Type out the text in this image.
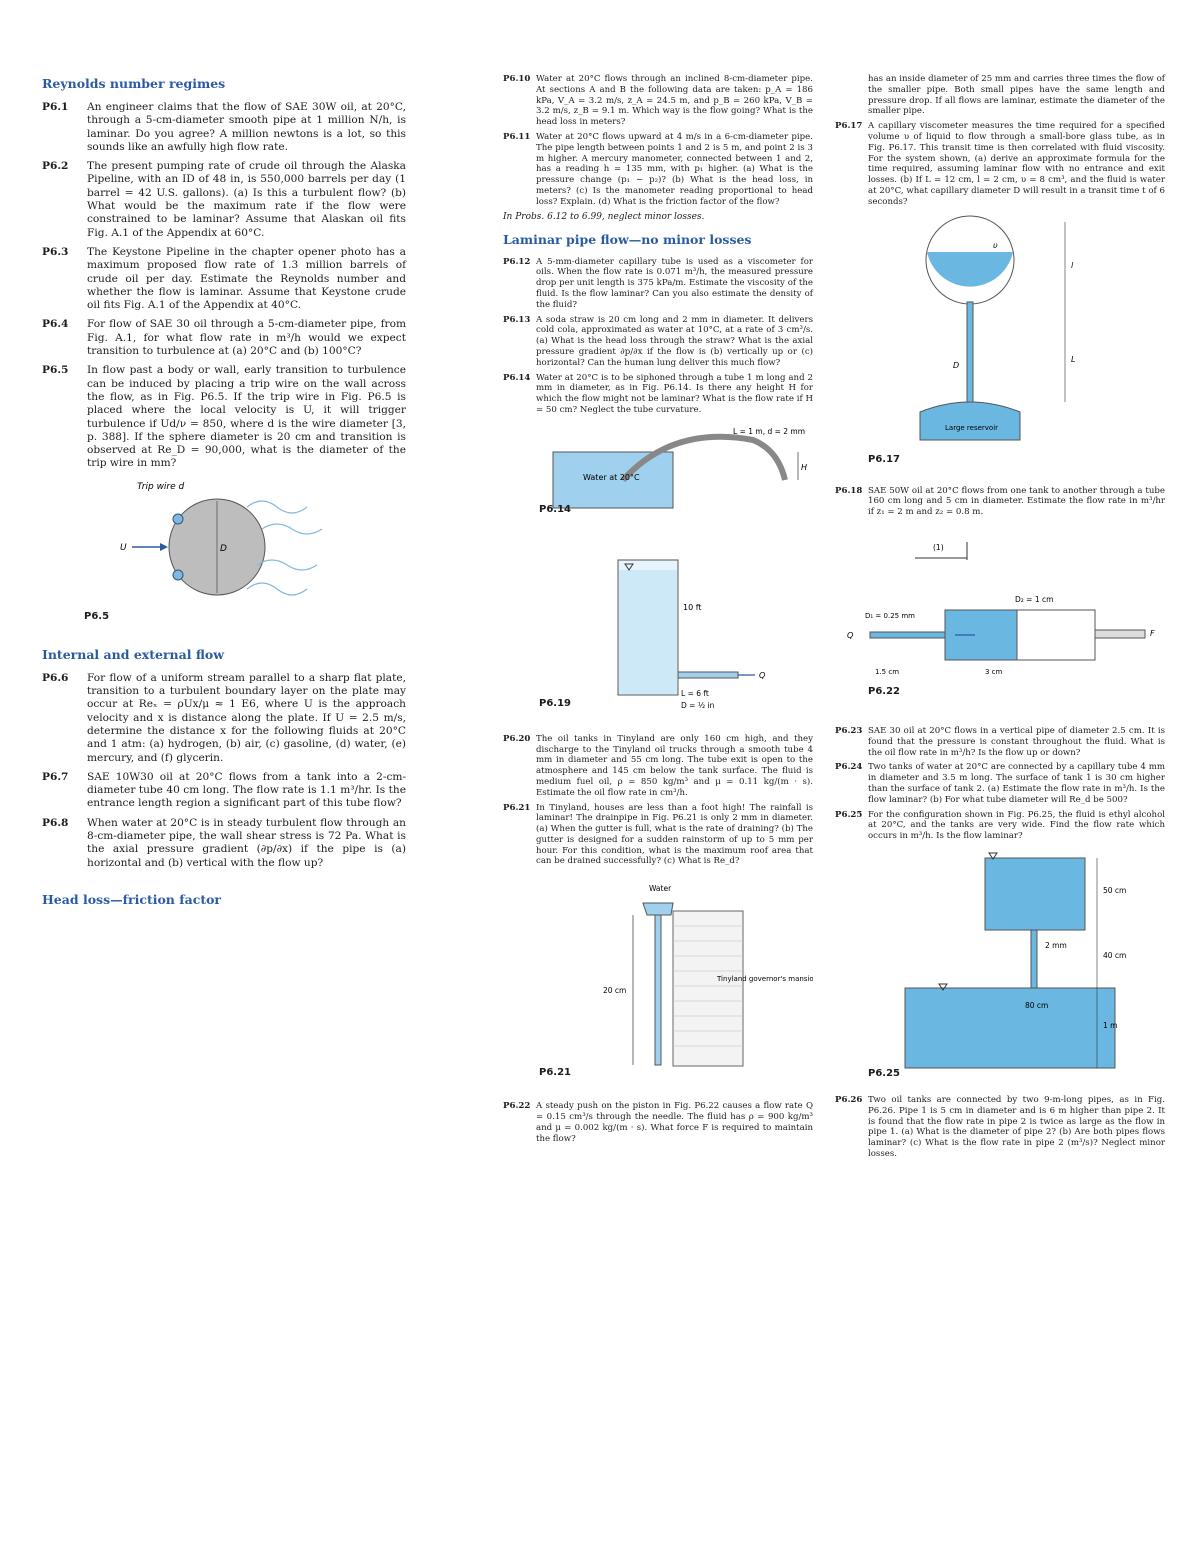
Reynolds number regimes
P6.1	An engineer claims that the flow of SAE 30W oil, at 20°C, through a 5-cm-diameter smooth pipe at 1 million N/h, is laminar. Do you agree? A million newtons is a lot, so this sounds like an awfully high flow rate.
P6.2	The present pumping rate of crude oil through the Alaska Pipeline, with an ID of 48 in, is 550,000 barrels per day (1 barrel = 42 U.S. gallons). (a) Is this a turbulent flow? (b) What would be the maximum rate if the flow were constrained to be laminar? Assume that Alaskan oil fits Fig. A.1 of the Appendix at 60°C.
P6.3	The Keystone Pipeline in the chapter opener photo has a maximum proposed flow rate of 1.3 million barrels of crude oil per day. Estimate the Reynolds number and whether the flow is laminar. Assume that Keystone crude oil fits Fig. A.1 of the Appendix at 40°C.
P6.4	For flow of SAE 30 oil through a 5-cm-diameter pipe, from Fig. A.1, for what flow rate in m³/h would we expect transition to turbulence at (a) 20°C and (b) 100°C?
P6.5	In flow past a body or wall, early transition to turbulence can be induced by placing a trip wire on the wall across the flow, as in Fig. P6.5. If the trip wire in Fig. P6.5 is placed where the local velocity is U, it will trigger turbulence if Ud/ν = 850, where d is the wire diameter [3, p. 388]. If the sphere diameter is 20 cm and transition is observed at Re_D = 90,000, what is the diameter of the trip wire in mm?
Trip wire d
U	D
P6.5
Internal and external flow
P6.6	For flow of a uniform stream parallel to a sharp flat plate, transition to a turbulent boundary layer on the plate may occur at Reₓ = ρUx/μ ≈ 1 E6, where U is the approach velocity and x is distance along the plate. If U = 2.5 m/s, determine the distance x for the following fluids at 20°C and 1 atm: (a) hydrogen, (b) air, (c) gasoline, (d) water, (e) mercury, and (f) glycerin.
P6.7	SAE 10W30 oil at 20°C flows from a tank into a 2-cm-diameter tube 40 cm long. The flow rate is 1.1 m³/hr. Is the entrance length region a significant part of this tube flow?
P6.8	When water at 20°C is in steady turbulent flow through an 8-cm-diameter pipe, the wall shear stress is 72 Pa. What is the axial pressure gradient (∂p/∂x) if the pipe is (a) horizontal and (b) vertical with the flow up?
Head loss—friction factor
P6.10 Water at 20°C flows through an inclined 8-cm-diameter pipe. At sections A and B the following data are taken: p_A = 186 kPa, V_A = 3.2 m/s, z_A = 24.5 m, and p_B = 260 kPa, V_B = 3.2 m/s, z_B = 9.1 m. Which way is the flow going? What is the head loss in meters?
P6.11 Water at 20°C flows upward at 4 m/s in a 6-cm-diameter pipe. The pipe length between points 1 and 2 is 5 m, and point 2 is 3 m higher. A mercury manometer, connected between 1 and 2, has a reading h = 135 mm, with p₁ higher. (a) What is the pressure change (p₁ − p₂)? (b) What is the head loss, in meters? (c) Is the manometer reading proportional to head loss? Explain. (d) What is the friction factor of the flow?
In Probs. 6.12 to 6.99, neglect minor losses.
Laminar pipe flow—no minor losses
P6.12 A 5-mm-diameter capillary tube is used as a viscometer for oils. When the flow rate is 0.071 m³/h, the measured pressure drop per unit length is 375 kPa/m. Estimate the viscosity of the fluid. Is the flow laminar? Can you also estimate the density of the fluid?
P6.13 A soda straw is 20 cm long and 2 mm in diameter. It delivers cold cola, approximated as water at 10°C, at a rate of 3 cm³/s. (a) What is the head loss through the straw? What is the axial pressure gradient ∂p/∂x if the flow is (b) vertically up or (c) horizontal? Can the human lung deliver this much flow?
P6.14 Water at 20°C is to be siphoned through a tube 1 m long and 2 mm in diameter, as in Fig. P6.14. Is there any height H for which the flow might not be laminar? What is the flow rate if H = 50 cm? Neglect the tube curvature.
Water at 20°C
L = 1 m, d = 2 mm
H
P6.14
Q
10 ft
L = 6 ft
D = ½ in
P6.19
P6.20 The oil tanks in Tinyland are only 160 cm high, and they discharge to the Tinyland oil trucks through a smooth tube 4 mm in diameter and 55 cm long. The tube exit is open to the atmosphere and 145 cm below the tank surface. The fluid is medium fuel oil, ρ = 850 kg/m³ and μ = 0.11 kg/(m · s). Estimate the oil flow rate in cm³/h.
P6.21 In Tinyland, houses are less than a foot high! The rainfall is laminar! The drainpipe in Fig. P6.21 is only 2 mm in diameter. (a) When the gutter is full, what is the rate of draining? (b) The gutter is designed for a sudden rainstorm of up to 5 mm per hour. For this condition, what is the maximum roof area that can be drained successfully? (c) What is Re_d?
Water
20 cm
Tinyland governor's mansion
P6.21
P6.22 A steady push on the piston in Fig. P6.22 causes a flow rate Q = 0.15 cm³/s through the needle. The fluid has ρ = 900 kg/m³ and μ = 0.002 kg/(m · s). What force F is required to maintain the flow?
has an inside diameter of 25 mm and carries three times the flow of the smaller pipe. Both small pipes have the same length and pressure drop. If all flows are laminar, estimate the diameter of the smaller pipe.
P6.17 A capillary viscometer measures the time required for a specified volume υ of liquid to flow through a small-bore glass tube, as in Fig. P6.17. This transit time is then correlated with fluid viscosity. For the system shown, (a) derive an approximate formula for the time required, assuming laminar flow with no entrance and exit losses. (b) If L = 12 cm, l = 2 cm, υ = 8 cm³, and the fluid is water at 20°C, what capillary diameter D will result in a transit time t of 6 seconds?
υ
l
L
D
Large reservoir
P6.17
P6.18 SAE 50W oil at 20°C flows from one tank to another through a tube 160 cm long and 5 cm in diameter. Estimate the flow rate in m³/hr if z₁ = 2 m and z₂ = 0.8 m.
(1)
D₂ = 1 cm
D₁ = 0.25 mm
Q	F
1.5 cm	3 cm
P6.22
P6.23 SAE 30 oil at 20°C flows in a vertical pipe of diameter 2.5 cm. It is found that the pressure is constant throughout the fluid. What is the oil flow rate in m³/h? Is the flow up or down?
P6.24 Two tanks of water at 20°C are connected by a capillary tube 4 mm in diameter and 3.5 m long. The surface of tank 1 is 30 cm higher than the surface of tank 2. (a) Estimate the flow rate in m³/h. Is the flow laminar? (b) For what tube diameter will Re_d be 500?
P6.25 For the configuration shown in Fig. P6.25, the fluid is ethyl alcohol at 20°C, and the tanks are very wide. Find the flow rate which occurs in m³/h. Is the flow laminar?
50 cm
2 mm
40 cm
80 cm
1 m
P6.25
P6.26 Two oil tanks are connected by two 9-m-long pipes, as in Fig. P6.26. Pipe 1 is 5 cm in diameter and is 6 m higher than pipe 2. It is found that the flow rate in pipe 2 is twice as large as the flow in pipe 1. (a) What is the diameter of pipe 2? (b) Are both pipes flows laminar? (c) What is the flow rate in pipe 2 (m³/s)? Neglect minor losses.
